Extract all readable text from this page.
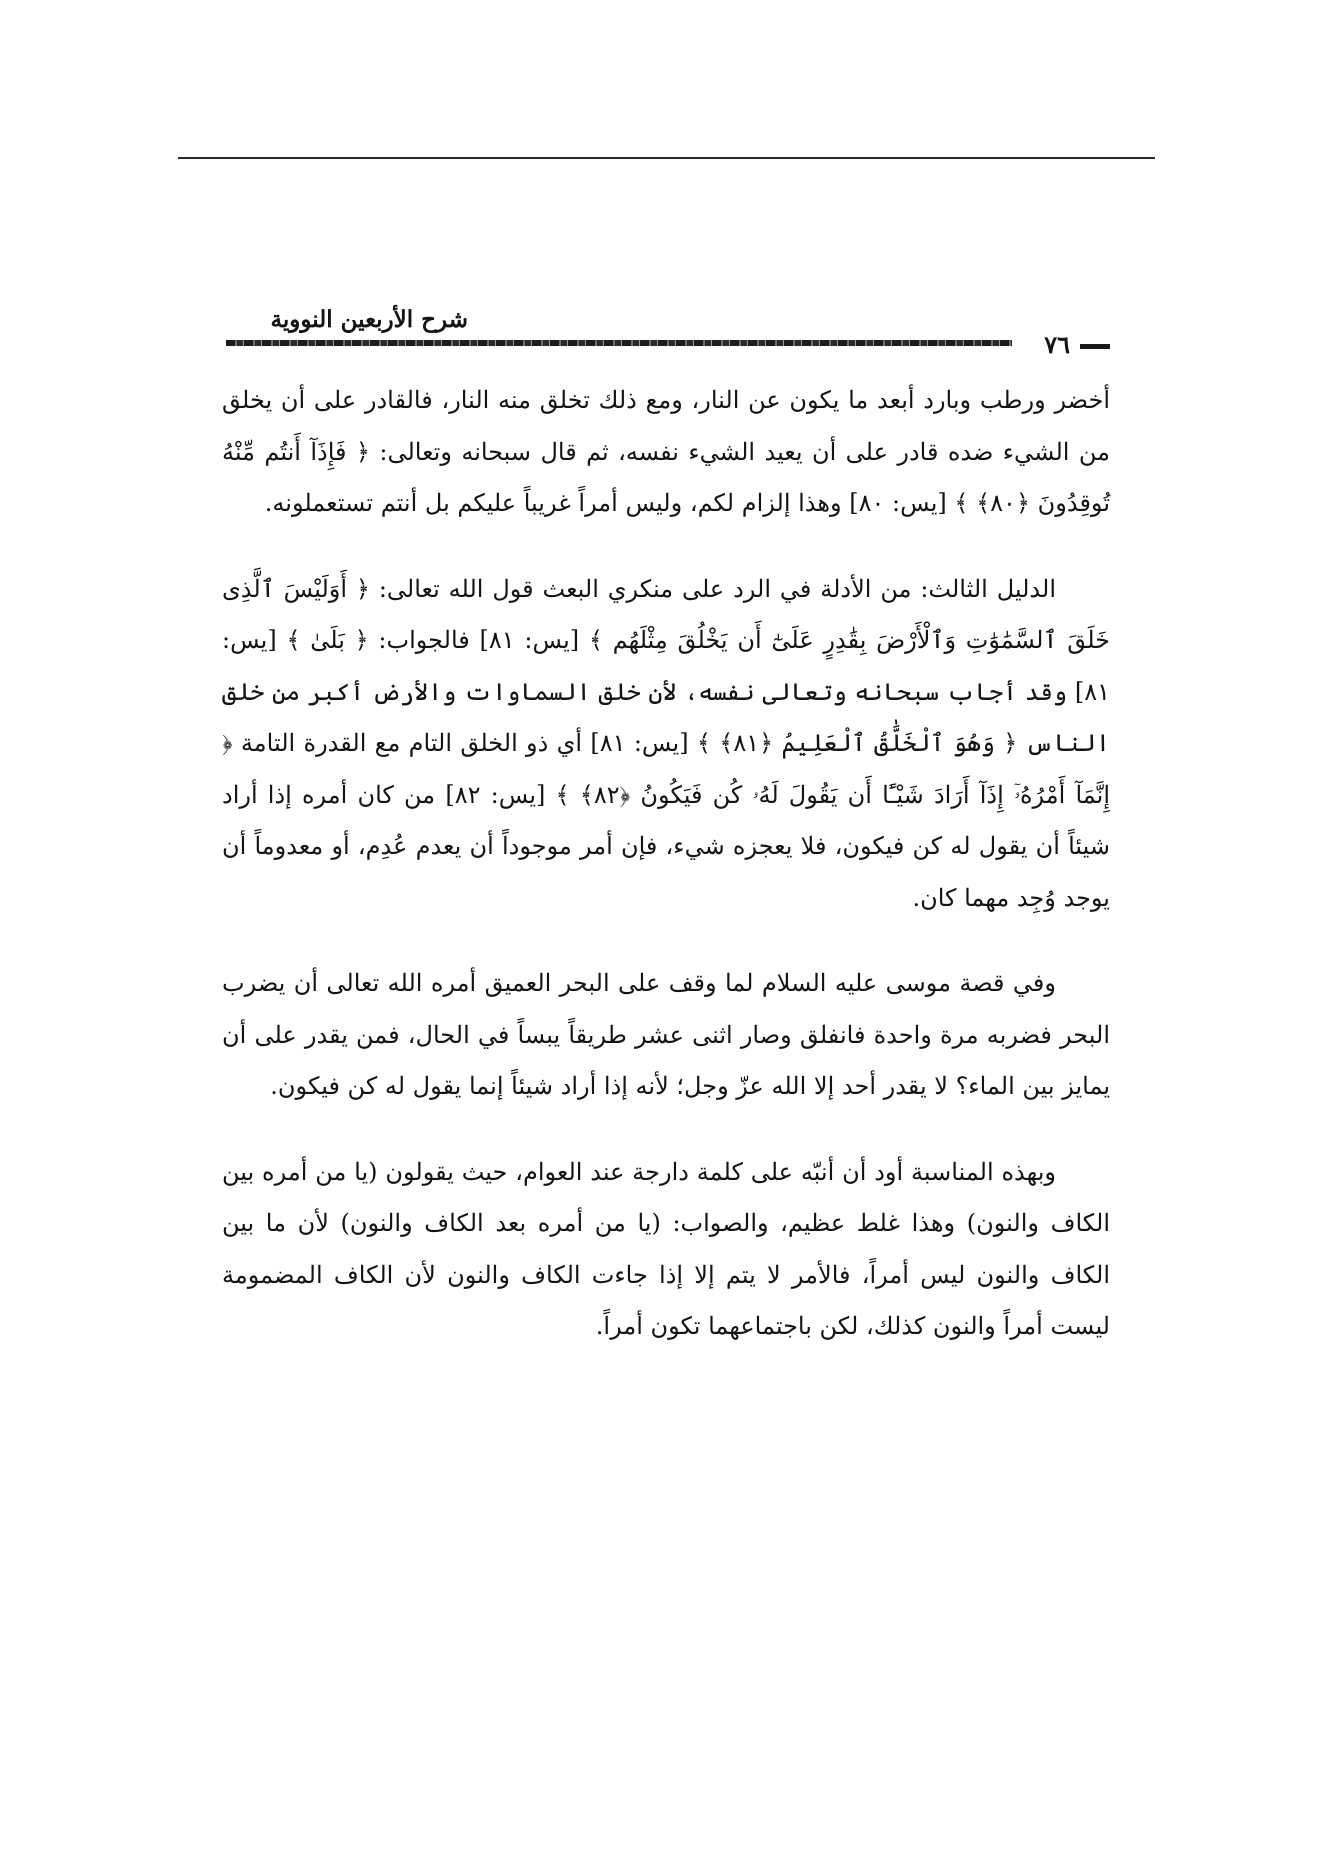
شرح الأربعين النووية
٧٦

أخضر ورطب وبارد أبعد ما يكون عن النار، ومع ذلك تخلق منه النار، فالقادر على أن يخلق من الشيء ضده قادر على أن يعيد الشيء نفسه، ثم قال سبحانه وتعالى: ﴿ فَإِذَآ أَنتُم مِّنْهُ تُوقِدُونَ ﴿٨٠﴾ ﴾ [يس: ٨٠] وهذا إلزام لكم، وليس أمراً غريباً عليكم بل أنتم تستعملونه.

الدليل الثالث: من الأدلة في الرد على منكري البعث قول الله تعالى: ﴿ أَوَلَيْسَ ٱلَّذِى خَلَقَ ٱلسَّمَٰوَٰتِ وَٱلْأَرْضَ بِقَٰدِرٍ عَلَىٰٓ أَن يَخْلُقَ مِثْلَهُم ﴾ [يس: ٨١] فالجواب: ﴿ بَلَىٰ ﴾ [يس: ٨١] وقد أجاب سبحانه وتعالى نفسه، لأن خلق السماوات والأرض أكبر من خلق الناس ﴿ وَهُوَ ٱلْخَلَّٰقُ ٱلْعَلِيمُ ﴿٨١﴾ ﴾ [يس: ٨١] أي ذو الخلق التام مع القدرة التامة ﴿ إِنَّمَآ أَمْرُهُۥٓ إِذَآ أَرَادَ شَيْـًٔا أَن يَقُولَ لَهُۥ كُن فَيَكُونُ ﴿٨٢﴾ ﴾ [يس: ٨٢] من كان أمره إذا أراد شيئاً أن يقول له كن فيكون، فلا يعجزه شيء، فإن أمر موجوداً أن يعدم عُدِم، أو معدوماً أن يوجد وُجِد مهما كان.

وفي قصة موسى عليه السلام لما وقف على البحر العميق أمره الله تعالى أن يضرب البحر فضربه مرة واحدة فانفلق وصار اثنى عشر طريقاً يبساً في الحال، فمن يقدر على أن يمايز بين الماء؟ لا يقدر أحد إلا الله عزّ وجل؛ لأنه إذا أراد شيئاً إنما يقول له كن فيكون.

وبهذه المناسبة أود أن أنبّه على كلمة دارجة عند العوام، حيث يقولون (يا من أمره بين الكاف والنون) وهذا غلط عظيم، والصواب: (يا من أمره بعد الكاف والنون) لأن ما بين الكاف والنون ليس أمراً، فالأمر لا يتم إلا إذا جاءت الكاف والنون لأن الكاف المضمومة ليست أمراً والنون كذلك، لكن باجتماعهما تكون أمراً.
